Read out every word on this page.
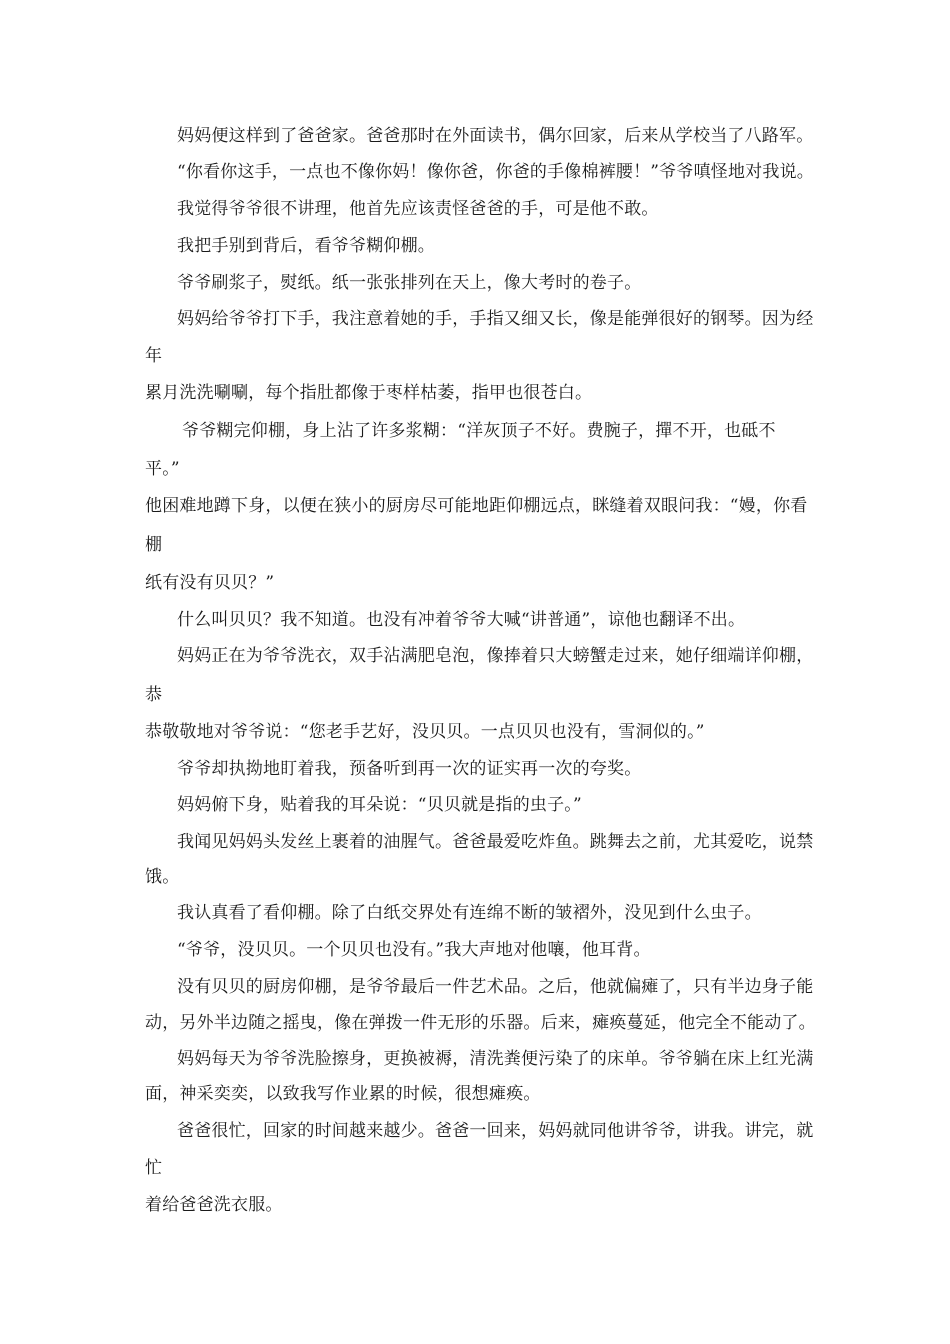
妈妈便这样到了爸爸家。爸爸那时在外面读书，偶尔回家，后来从学校当了八路军。
“你看你这手，一点也不像你妈！像你爸，你爸的手像棉裤腰！”爷爷嗔怪地对我说。
我觉得爷爷很不讲理，他首先应该责怪爸爸的手，可是他不敢。
我把手别到背后，看爷爷糊仰棚。
爷爷刷浆子，熨纸。纸一张张排列在天上，像大考时的卷子。
妈妈给爷爷打下手，我注意着她的手，手指又细又长，像是能弹很好的钢琴。因为经
年
累月洗洗唰唰，每个指肚都像于枣样枯萎，指甲也很苍白。
爷爷糊完仰棚，身上沾了许多浆糊：“洋灰顶子不好。费腕子，撣不开，也砥不
平。”
他困难地蹲下身，以便在狭小的厨房尽可能地距仰棚远点，眯缝着双眼问我：“嫚，你看
棚
纸有没有贝贝？”
什么叫贝贝？我不知道。也没有冲着爷爷大喊“讲普通”，谅他也翻译不出。
妈妈正在为爷爷洗衣，双手沾满肥皂泡，像捧着只大螃蟹走过来，她仔细端详仰棚，
恭
恭敬敬地对爷爷说：“您老手艺好，没贝贝。一点贝贝也没有，雪洞似的。”
爷爷却执拗地盯着我，预备听到再一次的证实再一次的夸奖。
妈妈俯下身，贴着我的耳朵说：“贝贝就是指的虫子。”
我闻见妈妈头发丝上裹着的油腥气。爸爸最爱吃炸鱼。跳舞去之前，尤其爱吃，说禁
饿。
我认真看了看仰棚。除了白纸交界处有连绵不断的皱褶外，没见到什么虫子。
“爷爷，没贝贝。一个贝贝也没有。”我大声地对他嚷，他耳背。
没有贝贝的厨房仰棚，是爷爷最后一件艺术品。之后，他就偏瘫了，只有半边身子能
动，另外半边随之摇曳，像在弹拨一件无形的乐器。后来，瘫痪蔓延，他完全不能动了。
妈妈每天为爷爷洗脸擦身，更换被褥，清洗粪便污染了的床单。爷爷躺在床上红光满
面，神采奕奕，以致我写作业累的时候，很想瘫痪。
爸爸很忙，回家的时间越来越少。爸爸一回来，妈妈就同他讲爷爷，讲我。讲完，就
忙
着给爸爸洗衣服。
